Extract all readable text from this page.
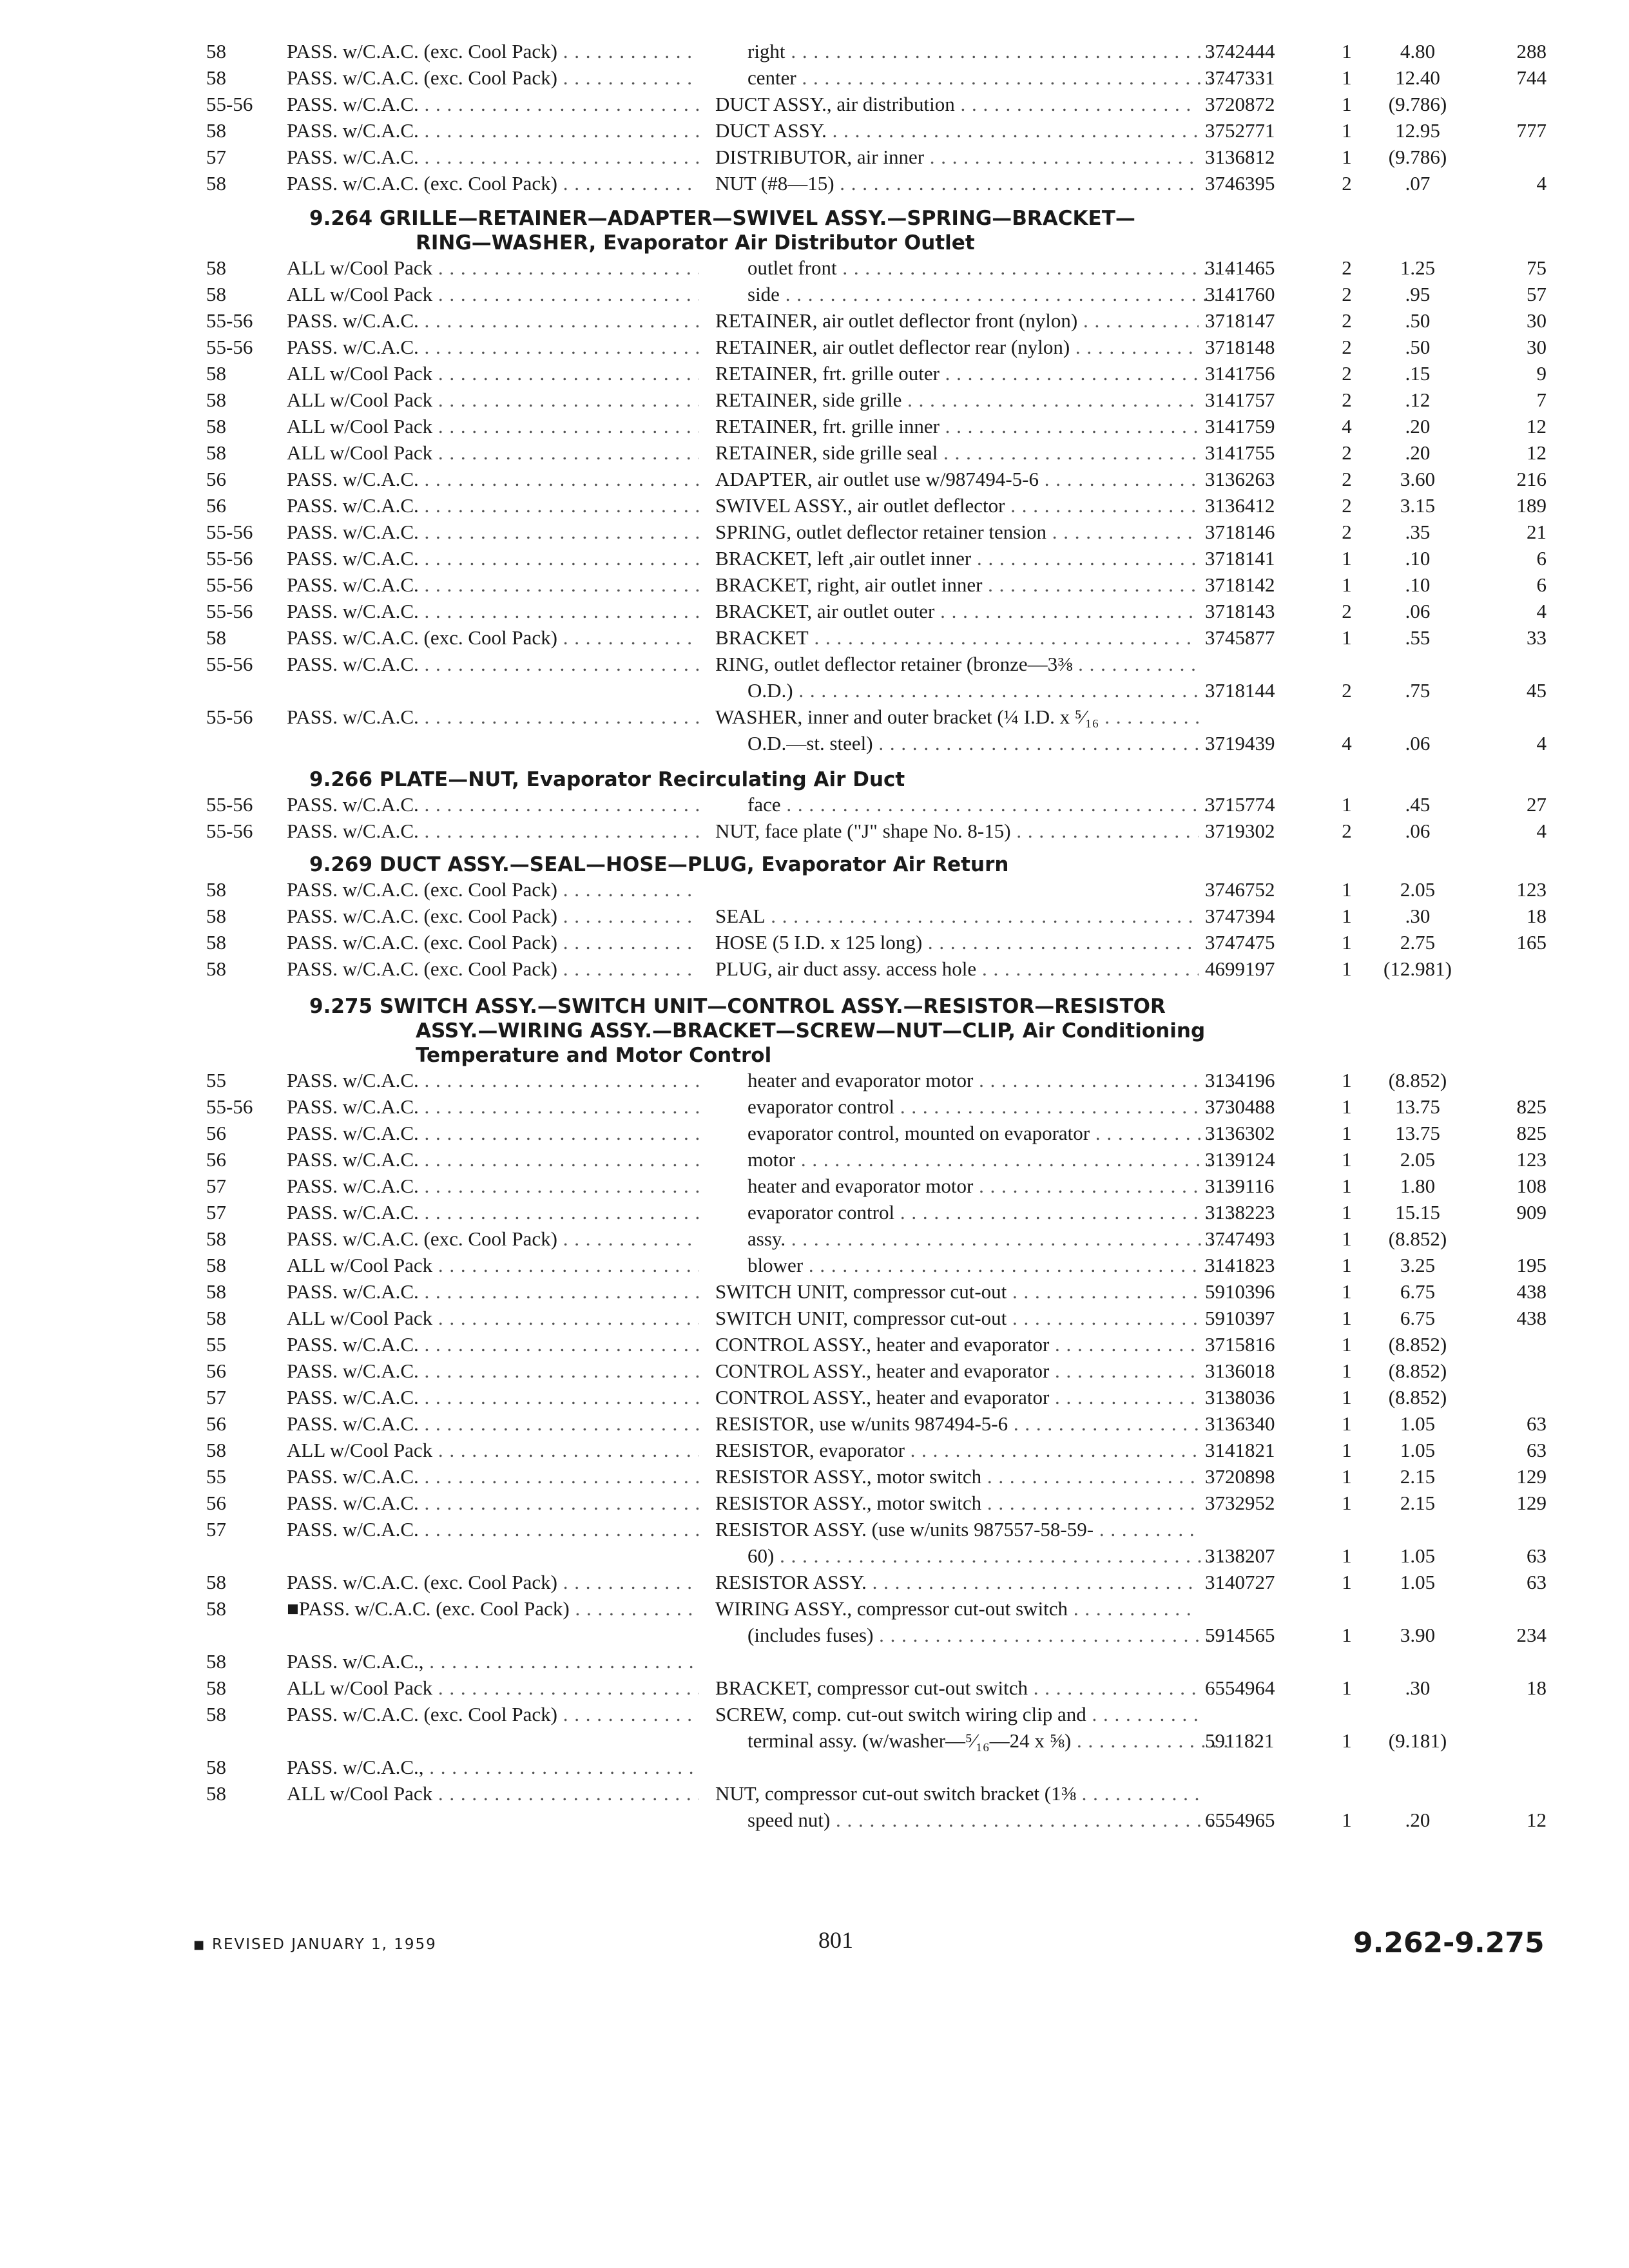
58	PASS. w/C.A.C. (exc. Cool Pack) . . .	right . . .	3742444	1	4.80	288
58	PASS. w/C.A.C. (exc. Cool Pack) . . .	center . . .	3747331	1	12.40	744
55-56 PASS. w/C.A.C. . . .	DUCT ASSY., air distribution . . .	3720872	1	(9.786)
58	PASS. w/C.A.C. . . .	DUCT ASSY. . . .	3752771	1	12.95	777
57	PASS. w/C.A.C. . . .	DISTRIBUTOR, air inner . . .	3136812	1	(9.786)
58	PASS. w/C.A.C. (exc. Cool Pack) . . .	NUT (#8—15) . . .	3746395	2	.07	4
9.264 GRILLE—RETAINER—ADAPTER—SWIVEL ASSY.—SPRING—BRACKET—
RING—WASHER, Evaporator Air Distributor Outlet
58	ALL w/Cool Pack . . .	outlet front . . .	3141465	2	1.25	75
58	ALL w/Cool Pack . . .	side . . .	3141760	2	.95	57
55-56 PASS. w/C.A.C. . . .	RETAINER, air outlet deflector front (nylon) . . .	3718147	2	.50	30
55-56 PASS. w/C.A.C. . . .	RETAINER, air outlet deflector rear (nylon) . . .	3718148	2	.50	30
58	ALL w/Cool Pack . . .	RETAINER, frt. grille outer . . .	3141756	2	.15	9
58	ALL w/Cool Pack . . .	RETAINER, side grille . . .	3141757	2	.12	7
58	ALL w/Cool Pack . . .	RETAINER, frt. grille inner . . .	3141759	4	.20	12
58	ALL w/Cool Pack . . .	RETAINER, side grille seal . . .	3141755	2	.20	12
56	PASS. w/C.A.C. . . .	ADAPTER, air outlet use w/987494-5-6 . . .	3136263	2	3.60	216
56	PASS. w/C.A.C. . . .	SWIVEL ASSY., air outlet deflector . . .	3136412	2	3.15	189
55-56 PASS. w/C.A.C. . . .	SPRING, outlet deflector retainer tension . . .	3718146	2	.35	21
55-56 PASS. w/C.A.C. . . .	BRACKET, left ,air outlet inner . . .	3718141	1	.10	6
55-56 PASS. w/C.A.C. . . .	BRACKET, right, air outlet inner . . .	3718142	1	.10	6
55-56 PASS. w/C.A.C. . . .	BRACKET, air outlet outer . . .	3718143	2	.06	4
58	PASS. w/C.A.C. (exc. Cool Pack) . . .	BRACKET . . .	3745877	1	.55	33
55-56 PASS. w/C.A.C. . . .	RING, outlet deflector retainer (bronze—3⅜ . . .
O.D.) . . .	3718144	2	.75	45
55-56 PASS. w/C.A.C. . . .	WASHER, inner and outer bracket (¼ I.D. x ⁵⁄₁₆ . . .
O.D.—st. steel) . . .	3719439	4	.06	4
9.266 PLATE—NUT, Evaporator Recirculating Air Duct
55-56 PASS. w/C.A.C. . . .	face . . .	3715774	1	.45	27
55-56 PASS. w/C.A.C. . . .	NUT, face plate ("J" shape No. 8-15) . . .	3719302	2	.06	4
9.269 DUCT ASSY.—SEAL—HOSE—PLUG, Evaporator Air Return
58	PASS. w/C.A.C. (exc. Cool Pack) . . .	3746752	1	2.05	123
58	PASS. w/C.A.C. (exc. Cool Pack) . . .	SEAL . . .	3747394	1	.30	18
58	PASS. w/C.A.C. (exc. Cool Pack) . . .	HOSE (5 I.D. x 125 long) . . .	3747475	1	2.75	165
58	PASS. w/C.A.C. (exc. Cool Pack) . . .	PLUG, air duct assy. access hole . . .	4699197	1	(12.981)
9.275 SWITCH ASSY.—SWITCH UNIT—CONTROL ASSY.—RESISTOR—RESISTOR
ASSY.—WIRING ASSY.—BRACKET—SCREW—NUT—CLIP, Air Conditioning
Temperature and Motor Control
55	PASS. w/C.A.C. . . .	heater and evaporator motor . . .	3134196	1	(8.852)
55-56 PASS. w/C.A.C. . . .	evaporator control . . .	3730488	1	13.75	825
56	PASS. w/C.A.C. . . .	evaporator control, mounted on evaporator . . .	3136302	1	13.75	825
56	PASS. w/C.A.C. . . .	motor . . .	3139124	1	2.05	123
57	PASS. w/C.A.C. . . .	heater and evaporator motor . . .	3139116	1	1.80	108
57	PASS. w/C.A.C. . . .	evaporator control . . .	3138223	1	15.15	909
58	PASS. w/C.A.C. (exc. Cool Pack) . . .	assy. . . .	3747493	1	(8.852)
58	ALL w/Cool Pack . . .	blower . . .	3141823	1	3.25	195
58	PASS. w/C.A.C. . . .	SWITCH UNIT, compressor cut-out . . .	5910396	1	6.75	438
58	ALL w/Cool Pack . . .	SWITCH UNIT, compressor cut-out . . .	5910397	1	6.75	438
55	PASS. w/C.A.C. . . .	CONTROL ASSY., heater and evaporator . . .	3715816	1	(8.852)
56	PASS. w/C.A.C. . . .	CONTROL ASSY., heater and evaporator . . .	3136018	1	(8.852)
57	PASS. w/C.A.C. . . .	CONTROL ASSY., heater and evaporator . . .	3138036	1	(8.852)
56	PASS. w/C.A.C. . . .	RESISTOR, use w/units 987494-5-6 . . .	3136340	1	1.05	63
58	ALL w/Cool Pack . . .	RESISTOR, evaporator . . .	3141821	1	1.05	63
55	PASS. w/C.A.C. . . .	RESISTOR ASSY., motor switch . . .	3720898	1	2.15	129
56	PASS. w/C.A.C. . . .	RESISTOR ASSY., motor switch . . .	3732952	1	2.15	129
57	PASS. w/C.A.C. . . .	RESISTOR ASSY. (use w/units 987557-58-59- . . .
60) . . .	3138207	1	1.05	63
58	PASS. w/C.A.C. (exc. Cool Pack) . . .	RESISTOR ASSY. . . .	3140727	1	1.05	63
58	■PASS. w/C.A.C. (exc. Cool Pack) . . .	WIRING ASSY., compressor cut-out switch . . .
(includes fuses) . . .	5914565	1	3.90	234
58	PASS. w/C.A.C., . . .
58	ALL w/Cool Pack . . .	BRACKET, compressor cut-out switch . . .	6554964	1	.30	18
58	PASS. w/C.A.C. (exc. Cool Pack) . . .	SCREW, comp. cut-out switch wiring clip and . . .
terminal assy. (w/washer—⁵⁄₁₆—24 x ⅝) . . .	5911821	1	(9.181)
58	PASS. w/C.A.C., . . .
58	ALL w/Cool Pack . . .	NUT, compressor cut-out switch bracket (1⅜ . . .
speed nut) . . .	6554965	1	.20	12
■ REVISED JANUARY 1, 1959	801	9.262-9.275
